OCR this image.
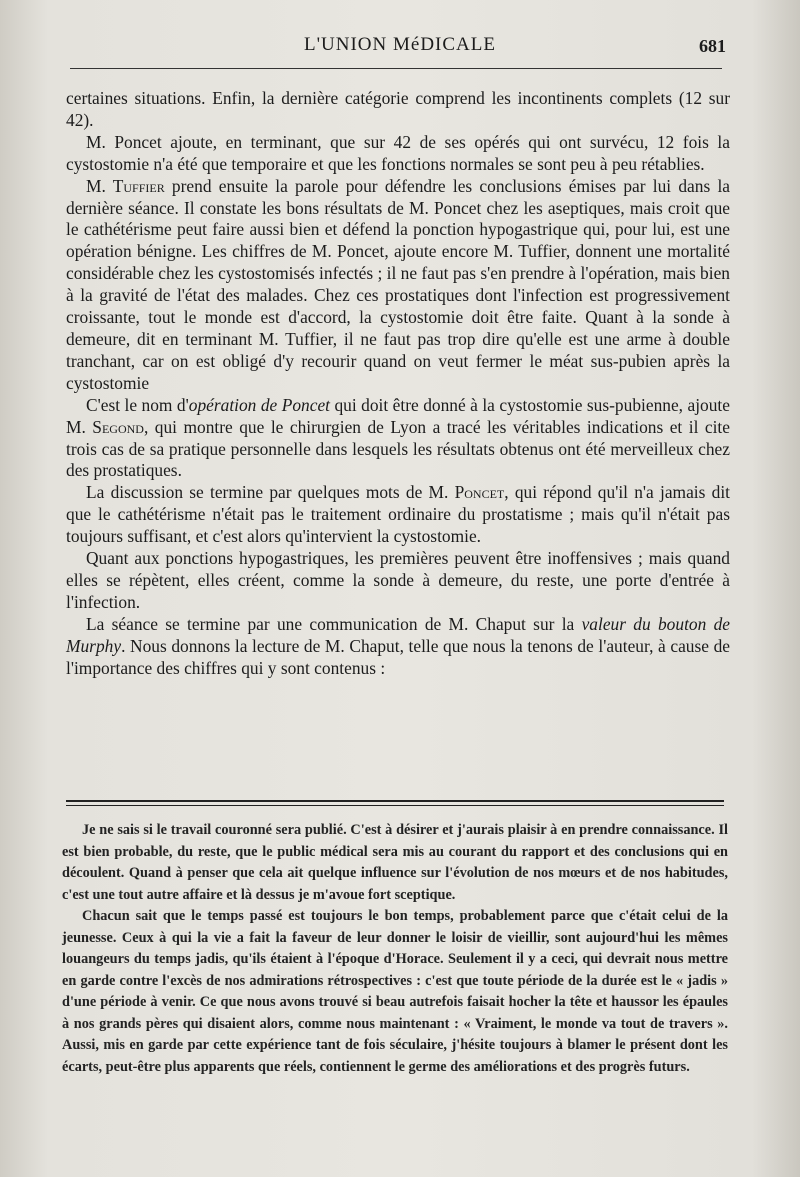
L'UNION MéDICALE	681

certaines situations. Enfin, la dernière catégorie comprend les incontinents complets (12 sur 42).

M. Poncet ajoute, en terminant, que sur 42 de ses opérés qui ont survécu, 12 fois la cystostomie n'a été que temporaire et que les fonctions normales se sont peu à peu rétablies.

M. Tuffier prend ensuite la parole pour défendre les conclusions émises par lui dans la dernière séance. Il constate les bons résultats de M. Poncet chez les aseptiques, mais croit que le cathétérisme peut faire aussi bien et défend la ponction hypogastrique qui, pour lui, est une opération bénigne. Les chiffres de M. Poncet, ajoute encore M. Tuffier, donnent une mortalité considérable chez les cystostomisés infectés ; il ne faut pas s'en prendre à l'opération, mais bien à la gravité de l'état des malades. Chez ces prostatiques dont l'infection est progressivement croissante, tout le monde est d'accord, la cystostomie doit être faite. Quant à la sonde à demeure, dit en terminant M. Tuffier, il ne faut pas trop dire qu'elle est une arme à double tranchant, car on est obligé d'y recourir quand on veut fermer le méat sus-pubien après la cystostomie

C'est le nom d'opération de Poncet qui doit être donné à la cystostomie sus-pubienne, ajoute M. Segond, qui montre que le chirurgien de Lyon a tracé les véritables indications et il cite trois cas de sa pratique personnelle dans lesquels les résultats obtenus ont été merveilleux chez des prostatiques.

La discussion se termine par quelques mots de M. Poncet, qui répond qu'il n'a jamais dit que le cathétérisme n'était pas le traitement ordinaire du prostatisme ; mais qu'il n'était pas toujours suffisant, et c'est alors qu'intervient la cystostomie.

Quant aux ponctions hypogastriques, les premières peuvent être inoffensives ; mais quand elles se répètent, elles créent, comme la sonde à demeure, du reste, une porte d'entrée à l'infection.

La séance se termine par une communication de M. Chaput sur la valeur du bouton de Murphy. Nous donnons la lecture de M. Chaput, telle que nous la tenons de l'auteur, à cause de l'importance des chiffres qui y sont contenus :

Je ne sais si le travail couronné sera publié. C'est à désirer et j'aurais plaisir à en prendre connaissance. Il est bien probable, du reste, que le public médical sera mis au courant du rapport et des conclusions qui en découlent. Quand à penser que cela ait quelque influence sur l'évolution de nos mœurs et de nos habitudes, c'est une tout autre affaire et là dessus je m'avoue fort sceptique.

Chacun sait que le temps passé est toujours le bon temps, probablement parce que c'était celui de la jeunesse. Ceux à qui la vie a fait la faveur de leur donner le loisir de vieillir, sont aujourd'hui les mêmes louangeurs du temps jadis, qu'ils étaient à l'époque d'Horace. Seulement il y a ceci, qui devrait nous mettre en garde contre l'excès de nos admirations rétrospectives : c'est que toute période de la durée est le « jadis » d'une période à venir. Ce que nous avons trouvé si beau autrefois faisait hocher la tête et haussor les épaules à nos grands pères qui disaient alors, comme nous maintenant : « Vraiment, le monde va tout de travers ». Aussi, mis en garde par cette expérience tant de fois séculaire, j'hésite toujours à blamer le présent dont les écarts, peut-être plus apparents que réels, contiennent le germe des améliorations et des progrès futurs.
